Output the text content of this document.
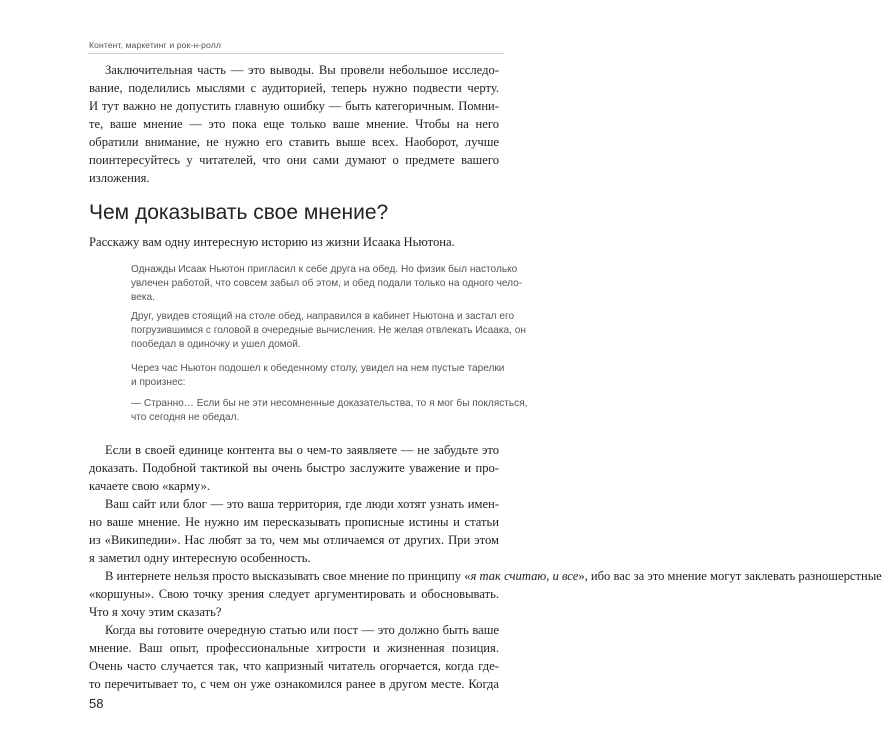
Контент, маркетинг и рок-н-ролл
Заключительная часть — это выводы. Вы провели небольшое исследо-
вание, поделились мыслями с аудиторией, теперь нужно подвести черту.
И тут важно не допустить главную ошибку — быть категоричным. Помни-
те, ваше мнение — это пока еще только ваше мнение. Чтобы на него
обратили внимание, не нужно его ставить выше всех. Наоборот, лучше
поинтересуйтесь у читателей, что они сами думают о предмете вашего
изложения.
Чем доказывать свое мнение?
Расскажу вам одну интересную историю из жизни Исаака Ньютона.
Однажды Исаак Ньютон пригласил к себе друга на обед. Но физик был настолько
увлечен работой, что совсем забыл об этом, и обед подали только на одного чело-
века.
Друг, увидев стоящий на столе обед, направился в кабинет Ньютона и застал его
погрузившимся с головой в очередные вычисления. Не желая отвлекать Исаака, он
пообедал в одиночку и ушел домой.
Через час Ньютон подошел к обеденному столу, увидел на нем пустые тарелки
и произнес:
— Странно… Если бы не эти несомненные доказательства, то я мог бы поклясться,
что сегодня не обедал.
Если в своей единице контента вы о чем-то заявляете — не забудьте это
доказать. Подобной тактикой вы очень быстро заслужите уважение и про-
качаете свою «карму».
Ваш сайт или блог — это ваша территория, где люди хотят узнать имен-
но ваше мнение. Не нужно им пересказывать прописные истины и статьи
из «Википедии». Нас любят за то, чем мы отличаемся от других. При этом
я заметил одну интересную особенность.
В интернете нельзя просто высказывать свое мнение по принципу «я так считаю, и все», ибо вас за это мнение могут заклевать разношерстные
«коршуны». Свою точку зрения следует аргументировать и обосновывать.
Что я хочу этим сказать?
Когда вы готовите очередную статью или пост — это должно быть ваше
мнение. Ваш опыт, профессиональные хитрости и жизненная позиция.
Очень часто случается так, что капризный читатель огорчается, когда где-
то перечитывает то, с чем он уже ознакомился ранее в другом месте. Когда
58
